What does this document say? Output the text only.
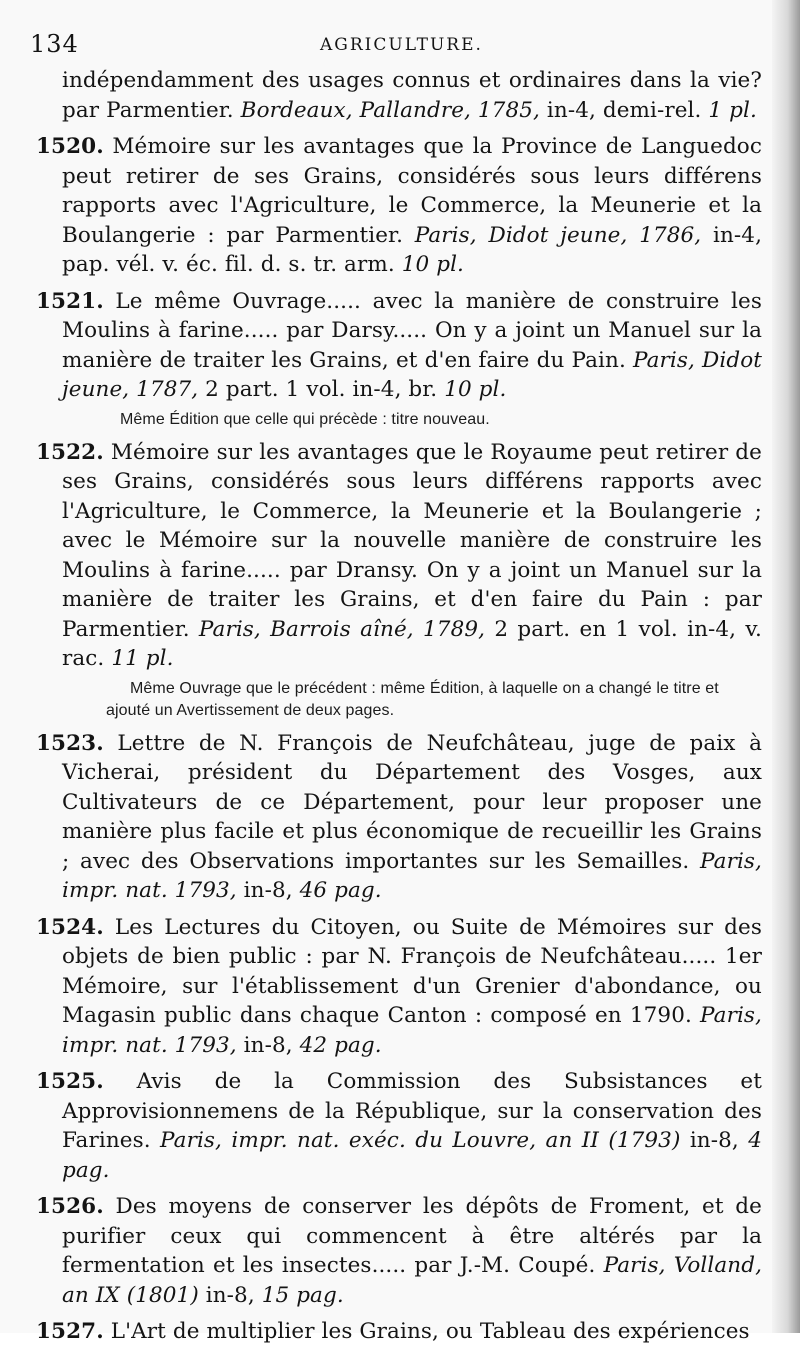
134	AGRICULTURE.

indépendamment des usages connus et ordinaires dans la vie? par Parmentier. Bordeaux, Pallandre, 1785, in-4, demi-rel. 1 pl.

1520. Mémoire sur les avantages que la Province de Languedoc peut retirer de ses Grains, considérés sous leurs différens rapports avec l'Agriculture, le Commerce, la Meunerie et la Boulangerie : par Parmentier. Paris, Didot jeune, 1786, in-4, pap. vél. v. éc. fil. d. s. tr. arm. 10 pl.

1521. Le même Ouvrage..... avec la manière de construire les Moulins à farine..... par Darsy..... On y a joint un Manuel sur la manière de traiter les Grains, et d'en faire du Pain. Paris, Didot jeune, 1787, 2 part. 1 vol. in-4, br. 10 pl.

Même Édition que celle qui précède : titre nouveau.

1522. Mémoire sur les avantages que le Royaume peut retirer de ses Grains, considérés sous leurs différens rapports avec l'Agriculture, le Commerce, la Meunerie et la Boulangerie ; avec le Mémoire sur la nouvelle manière de construire les Moulins à farine..... par Dransy. On y a joint un Manuel sur la manière de traiter les Grains, et d'en faire du Pain : par Parmentier. Paris, Barrois aîné, 1789, 2 part. en 1 vol. in-4, v. rac. 11 pl.

Même Ouvrage que le précédent : même Édition, à laquelle on a changé le titre et ajouté un Avertissement de deux pages.

1523. Lettre de N. François de Neufchâteau, juge de paix à Vicherai, président du Département des Vosges, aux Cultivateurs de ce Département, pour leur proposer une manière plus facile et plus économique de recueillir les Grains ; avec des Observations importantes sur les Semailles. Paris, impr. nat. 1793, in-8, 46 pag.

1524. Les Lectures du Citoyen, ou Suite de Mémoires sur des objets de bien public : par N. François de Neufchâteau..... 1er Mémoire, sur l'établissement d'un Grenier d'abondance, ou Magasin public dans chaque Canton : composé en 1790. Paris, impr. nat. 1793, in-8, 42 pag.

1525. Avis de la Commission des Subsistances et Approvisionnemens de la République, sur la conservation des Farines. Paris, impr. nat. exéc. du Louvre, an II (1793) in-8, 4 pag.

1526. Des moyens de conserver les dépôts de Froment, et de purifier ceux qui commencent à être altérés par la fermentation et les insectes..... par J.-M. Coupé. Paris, Volland, an IX (1801) in-8, 15 pag.

1527. L'Art de multiplier les Grains, ou Tableau des expériences
